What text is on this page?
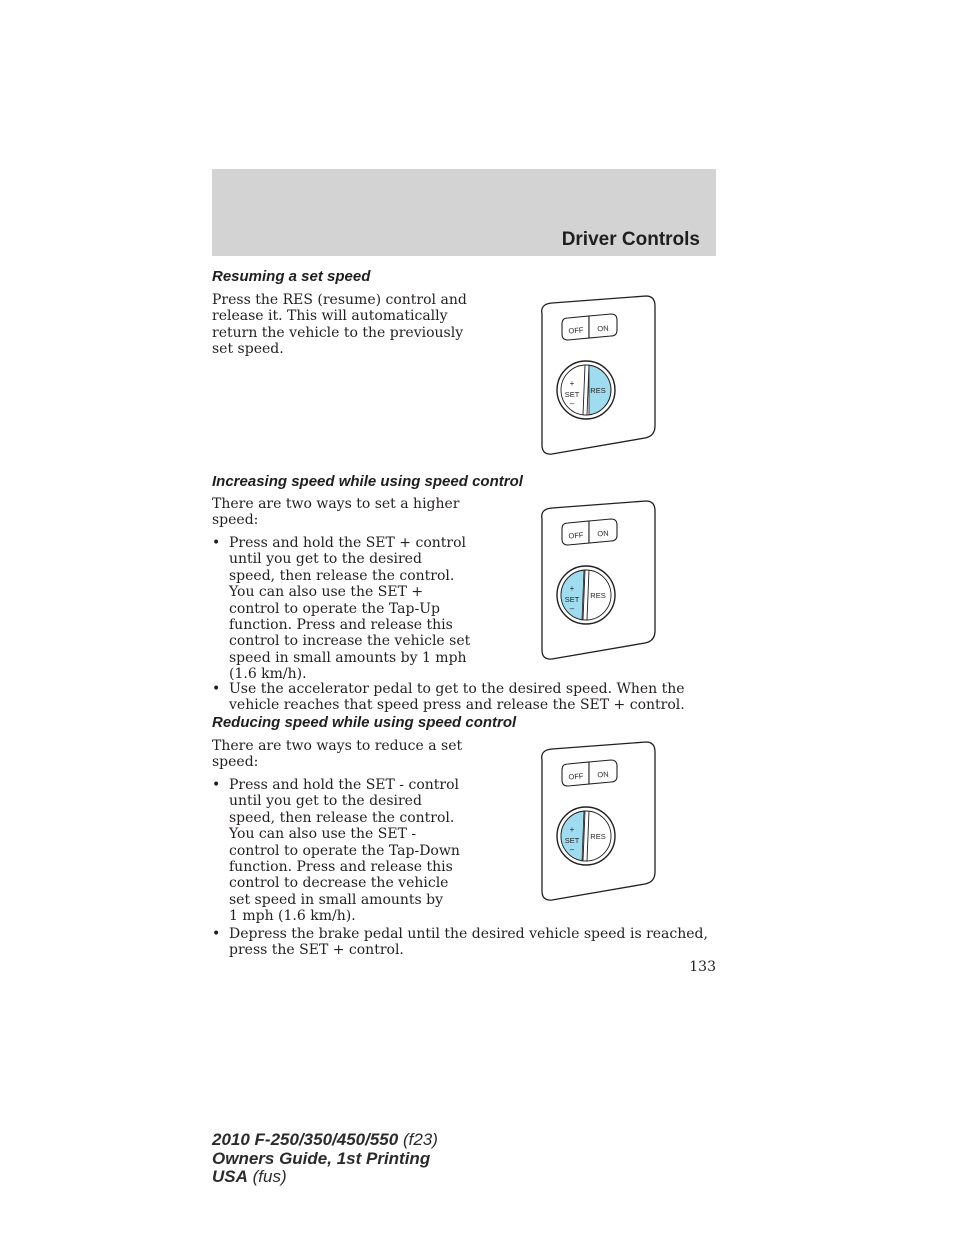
Driver Controls
Resuming a set speed

Press the RES (resume) control and
release it. This will automatically
return the vehicle to the previously
set speed.

OFF ON
+
SET
–
RES
Increasing speed while using speed control

There are two ways to set a higher
speed:

• Press and hold the SET + control
until you get to the desired
speed, then release the control.
You can also use the SET +
control to operate the Tap-Up
function. Press and release this
control to increase the vehicle set
speed in small amounts by 1 mph
(1.6 km/h).
• Use the accelerator pedal to get to the desired speed. When the
vehicle reaches that speed press and release the SET + control.
OFF ON
+
SET
–
RES
Reducing speed while using speed control

There are two ways to reduce a set
speed:

• Press and hold the SET - control
until you get to the desired
speed, then release the control.
You can also use the SET -
control to operate the Tap-Down
function. Press and release this
control to decrease the vehicle
set speed in small amounts by
1 mph (1.6 km/h).
• Depress the brake pedal until the desired vehicle speed is reached,
press the SET + control.
OFF ON
+
SET
–
RES
133
2010 F-250/350/450/550 (f23)
Owners Guide, 1st Printing
USA (fus)
